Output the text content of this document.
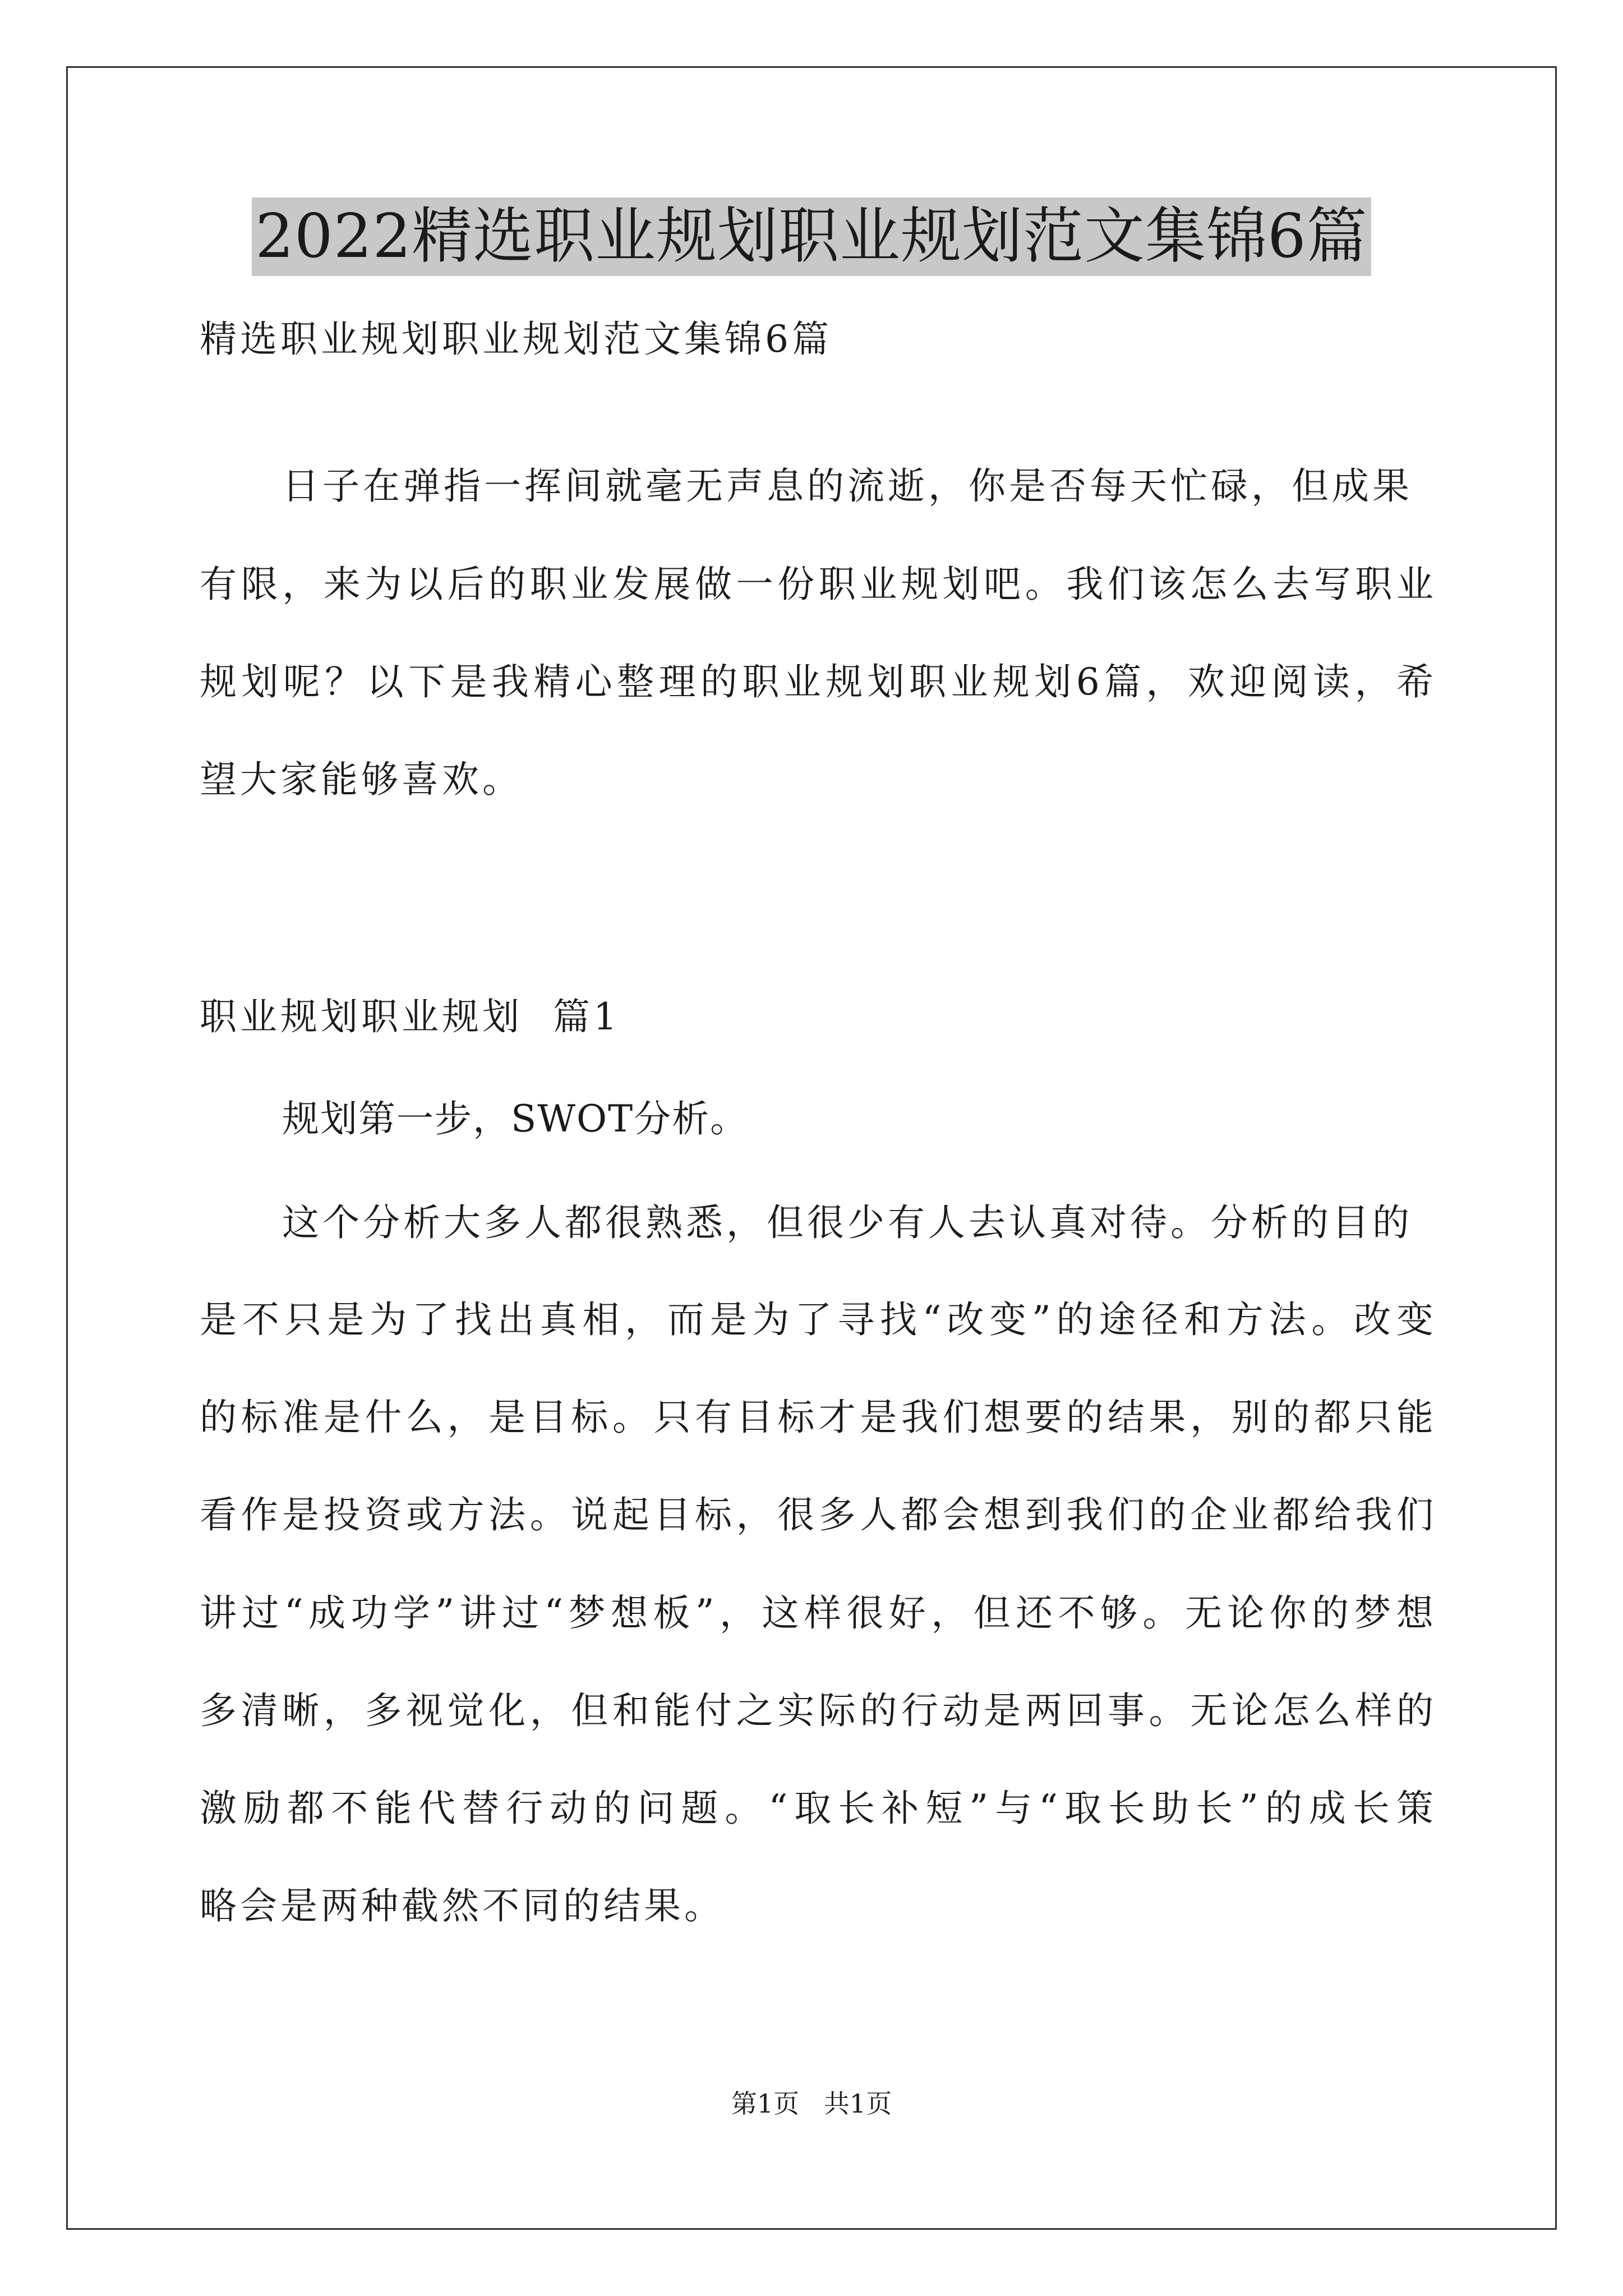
2022精选职业规划职业规划范文集锦6篇
精选职业规划职业规划范文集锦6篇
日子在弹指一挥间就毫无声息的流逝，你是否每天忙碌，但成果
有限，来为以后的职业发展做一份职业规划吧。我们该怎么去写职业
规划呢？以下是我精心整理的职业规划职业规划6篇，欢迎阅读，希
望大家能够喜欢。
职业规划职业规划  篇1
规划第一步，SWOT分析。
这个分析大多人都很熟悉，但很少有人去认真对待。分析的目的
是不只是为了找出真相，而是为了寻找“改变”的途径和方法。改变
的标准是什么，是目标。只有目标才是我们想要的结果，别的都只能
看作是投资或方法。说起目标，很多人都会想到我们的企业都给我们
讲过“成功学”讲过“梦想板”，这样很好，但还不够。无论你的梦想
多清晰，多视觉化，但和能付之实际的行动是两回事。无论怎么样的
激励都不能代替行动的问题。“取长补短”与“取长助长”的成长策
略会是两种截然不同的结果。
第1页   共1页
